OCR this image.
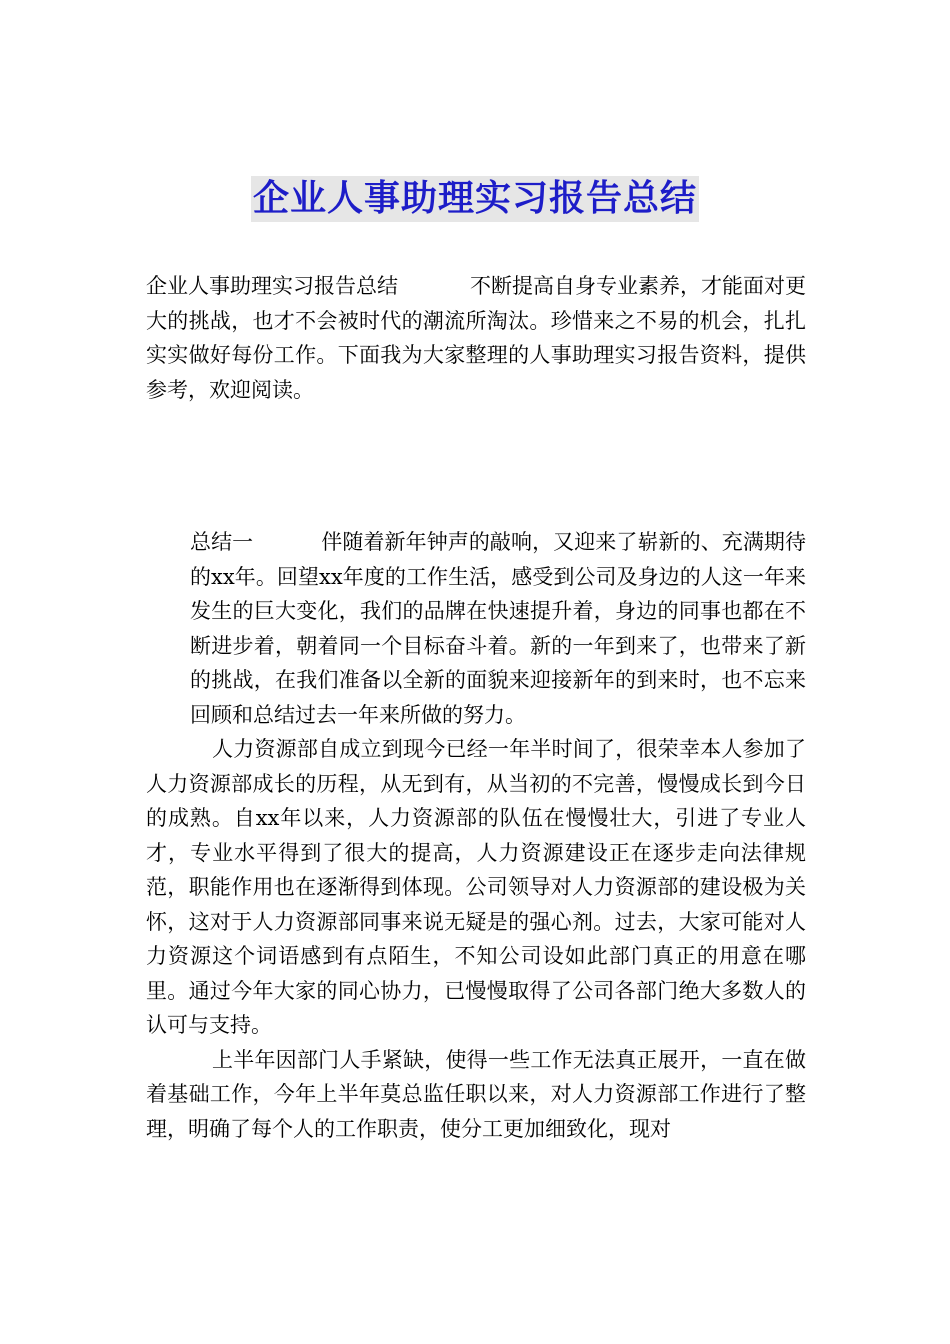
企业人事助理实习报告总结

企业人事助理实习报告总结	不断提高自身专业素养，才能面对更大的挑战，也才不会被时代的潮流所淘汰。珍惜来之不易的机会，扎扎实实做好每份工作。下面我为大家整理的人事助理实习报告资料，提供参考，欢迎阅读。

总结一	伴随着新年钟声的敲响，又迎来了崭新的、充满期待的xx年。回望xx年度的工作生活，感受到公司及身边的人这一年来发生的巨大变化，我们的品牌在快速提升着，身边的同事也都在不断进步着，朝着同一个目标奋斗着。新的一年到来了，也带来了新的挑战，在我们准备以全新的面貌来迎接新年的到来时，也不忘来回顾和总结过去一年来所做的努力。

人力资源部自成立到现今已经一年半时间了，很荣幸本人参加了人力资源部成长的历程，从无到有，从当初的不完善，慢慢成长到今日的成熟。自xx年以来，人力资源部的队伍在慢慢壮大，引进了专业人才，专业水平得到了很大的提高，人力资源建设正在逐步走向法律规范，职能作用也在逐渐得到体现。公司领导对人力资源部的建设极为关怀，这对于人力资源部同事来说无疑是的强心剂。过去，大家可能对人力资源这个词语感到有点陌生，不知公司设如此部门真正的用意在哪里。通过今年大家的同心协力，已慢慢取得了公司各部门绝大多数人的认可与支持。

上半年因部门人手紧缺，使得一些工作无法真正展开，一直在做着基础工作，今年上半年莫总监任职以来，对人力资源部工作进行了整理，明确了每个人的工作职责，使分工更加细致化，现对
